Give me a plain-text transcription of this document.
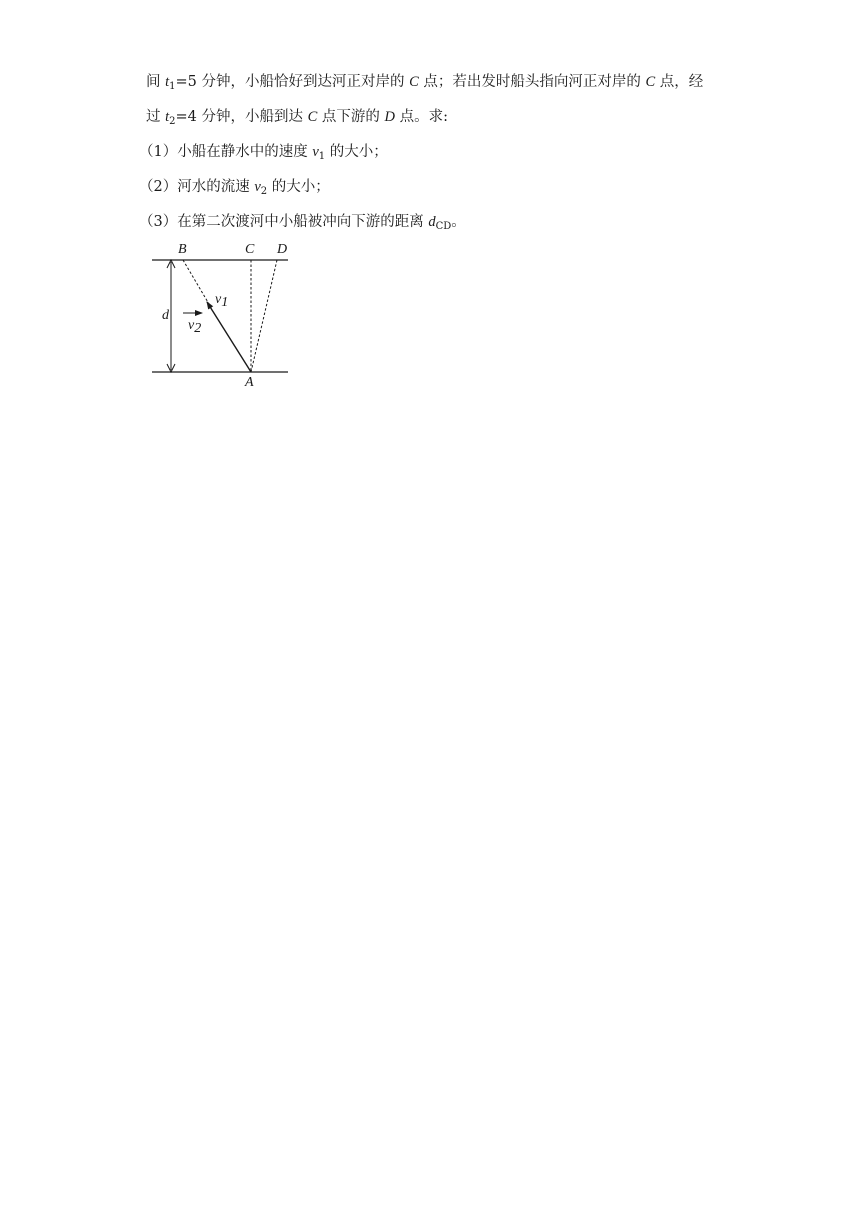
间 $t_1=5$ 分钟，小船恰好到达河正对岸的 C 点；若出发时船头指向河正对岸的 C 点，经
过 $t_2=4$ 分钟，小船到达 C 点下游的 D 点。求:
（1）小船在静水中的速度 $v_1$ 的大小；
（2）河水的流速 $v_2$ 的大小；
（3）在第二次渡河中小船被冲向下游的距离 $d_{CD}$。
B	C D
A
d
v2
v1
